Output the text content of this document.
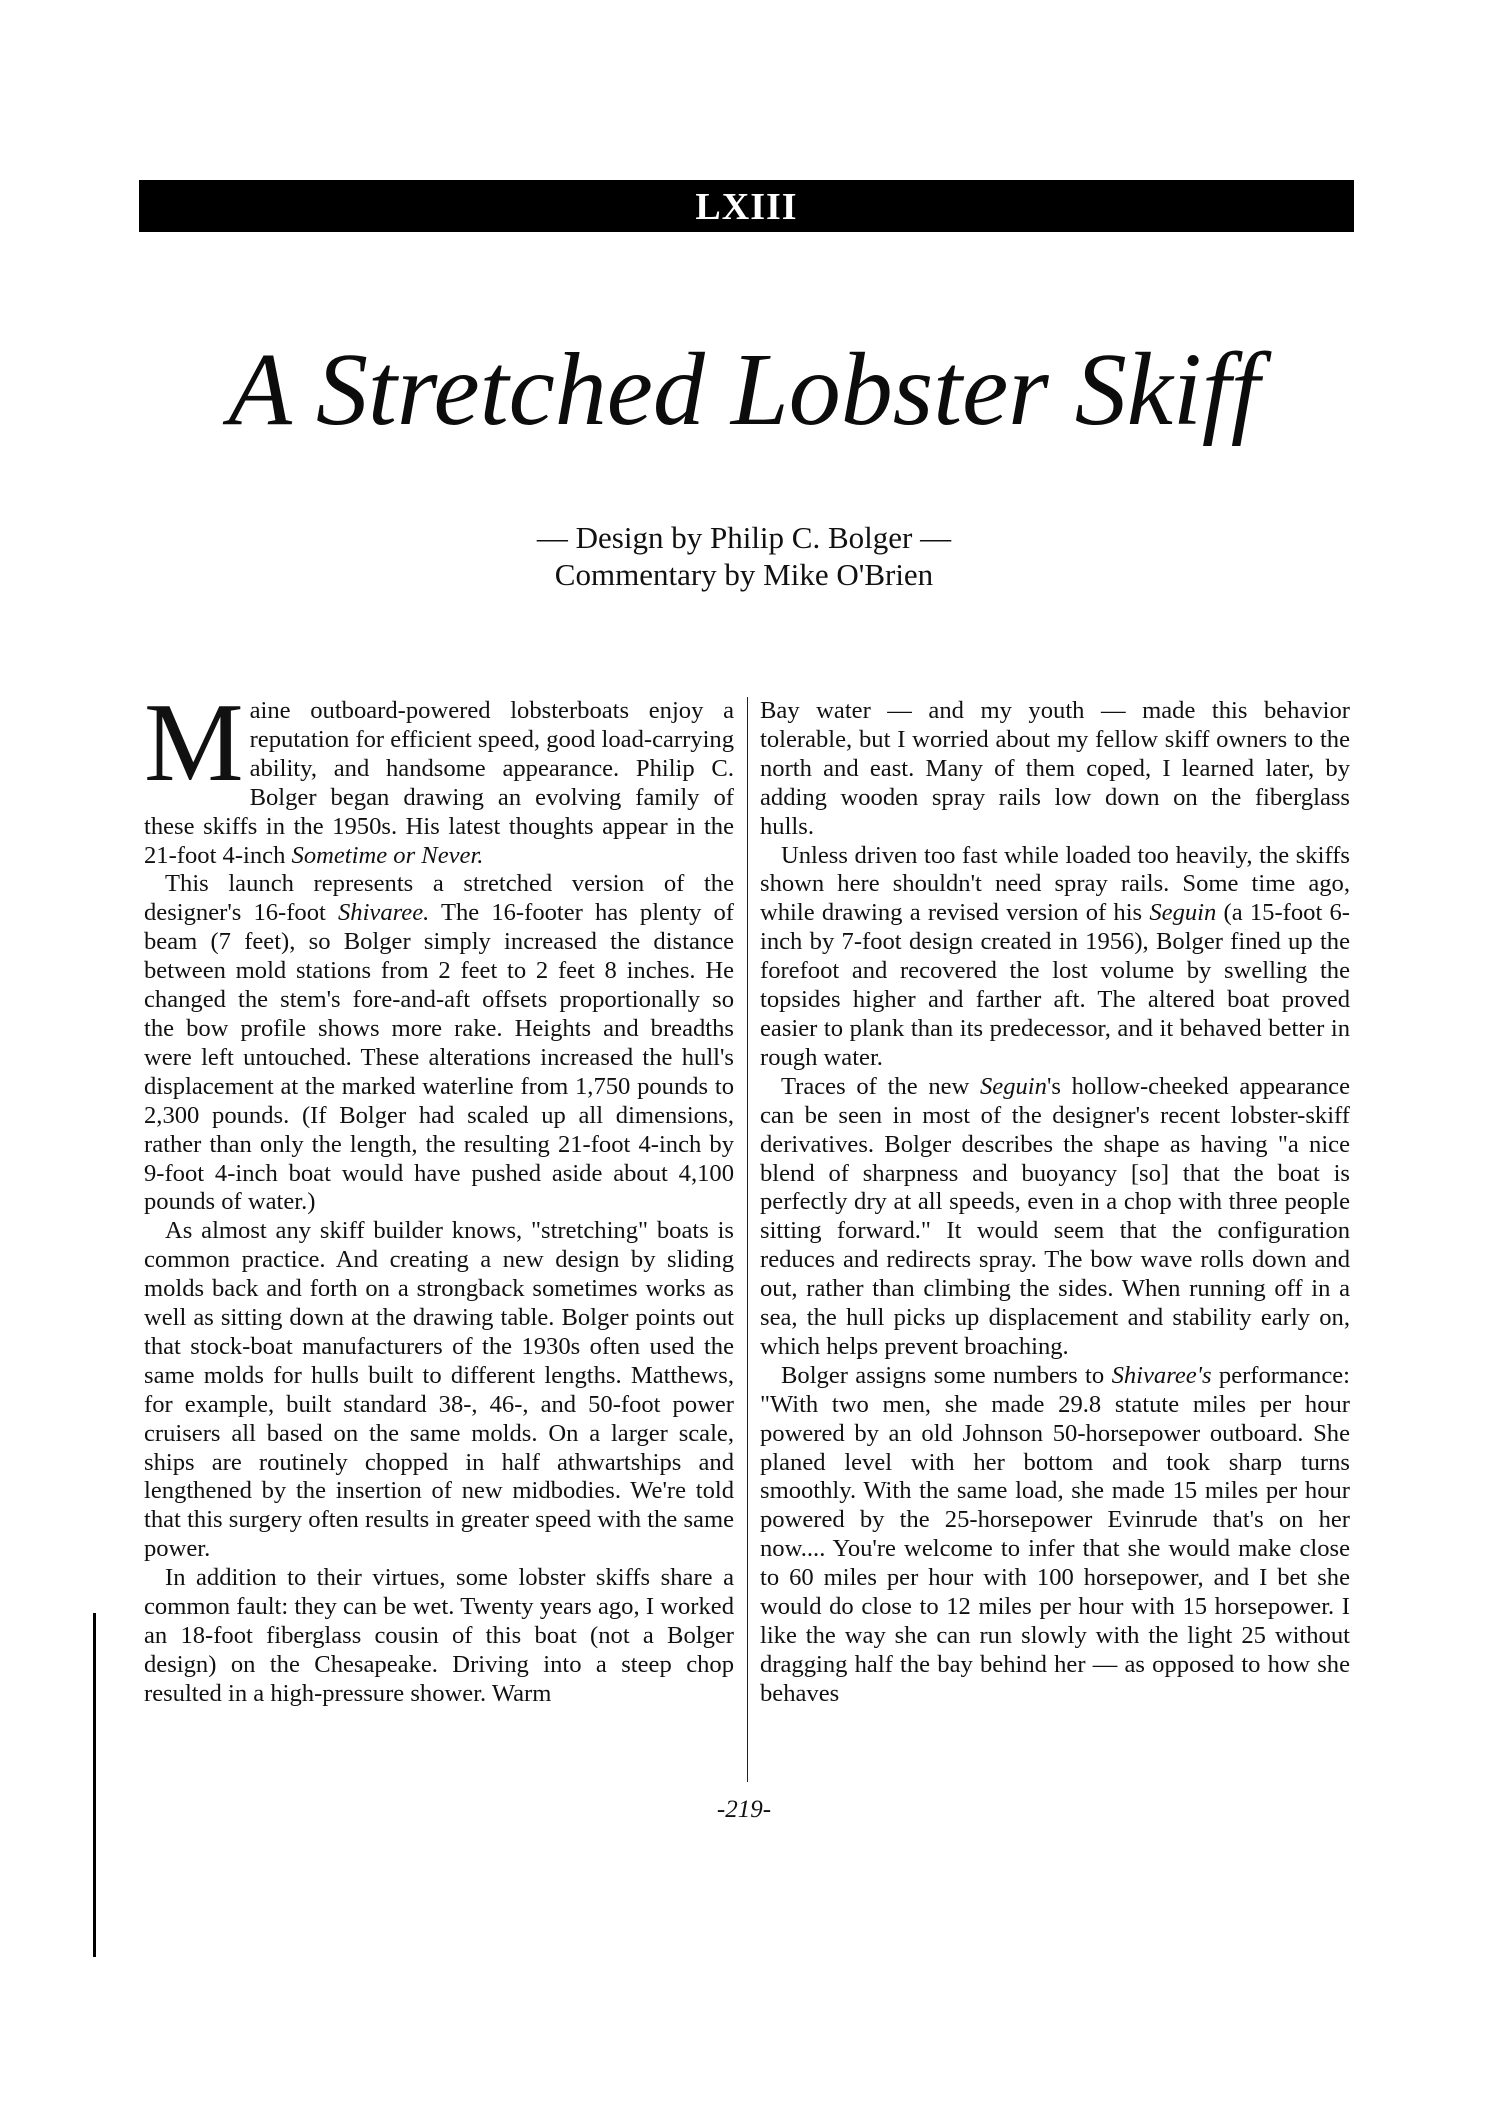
LXIII
A Stretched Lobster Skiff
— Design by Philip C. Bolger —
Commentary by Mike O'Brien

Maine outboard-powered lobsterboats enjoy a reputation for efficient speed, good load-carrying ability, and handsome appearance. Philip C. Bolger began drawing an evolving family of these skiffs in the 1950s. His latest thoughts appear in the 21-foot 4-inch Sometime or Never.

This launch represents a stretched version of the designer's 16-foot Shivaree. The 16-footer has plenty of beam (7 feet), so Bolger simply increased the distance between mold stations from 2 feet to 2 feet 8 inches. He changed the stem's fore-and-aft offsets proportionally so the bow profile shows more rake. Heights and breadths were left untouched. These alterations increased the hull's displacement at the marked waterline from 1,750 pounds to 2,300 pounds. (If Bolger had scaled up all dimensions, rather than only the length, the resulting 21-foot 4-inch by 9-foot 4-inch boat would have pushed aside about 4,100 pounds of water.)

As almost any skiff builder knows, "stretching" boats is common practice. And creating a new design by sliding molds back and forth on a strongback sometimes works as well as sitting down at the drawing table. Bolger points out that stock-boat manufacturers of the 1930s often used the same molds for hulls built to different lengths. Matthews, for example, built standard 38-, 46-, and 50-foot power cruisers all based on the same molds. On a larger scale, ships are routinely chopped in half athwartships and lengthened by the insertion of new midbodies. We're told that this surgery often results in greater speed with the same power.

In addition to their virtues, some lobster skiffs share a common fault: they can be wet. Twenty years ago, I worked an 18-foot fiberglass cousin of this boat (not a Bolger design) on the Chesapeake. Driving into a steep chop resulted in a high-pressure shower. Warm

Bay water — and my youth — made this behavior tolerable, but I worried about my fellow skiff owners to the north and east. Many of them coped, I learned later, by adding wooden spray rails low down on the fiberglass hulls.

Unless driven too fast while loaded too heavily, the skiffs shown here shouldn't need spray rails. Some time ago, while drawing a revised version of his Seguin (a 15-foot 6-inch by 7-foot design created in 1956), Bolger fined up the forefoot and recovered the lost volume by swelling the topsides higher and farther aft. The altered boat proved easier to plank than its predecessor, and it behaved better in rough water.

Traces of the new Seguin's hollow-cheeked appearance can be seen in most of the designer's recent lobster-skiff derivatives. Bolger describes the shape as having "a nice blend of sharpness and buoyancy [so] that the boat is perfectly dry at all speeds, even in a chop with three people sitting forward." It would seem that the configuration reduces and redirects spray. The bow wave rolls down and out, rather than climbing the sides. When running off in a sea, the hull picks up displacement and stability early on, which helps prevent broaching.

Bolger assigns some numbers to Shivaree's performance: "With two men, she made 29.8 statute miles per hour powered by an old Johnson 50-horsepower outboard. She planed level with her bottom and took sharp turns smoothly. With the same load, she made 15 miles per hour powered by the 25-horsepower Evinrude that's on her now.... You're welcome to infer that she would make close to 60 miles per hour with 100 horsepower, and I bet she would do close to 12 miles per hour with 15 horsepower. I like the way she can run slowly with the light 25 without dragging half the bay behind her — as opposed to how she behaves

-219-
